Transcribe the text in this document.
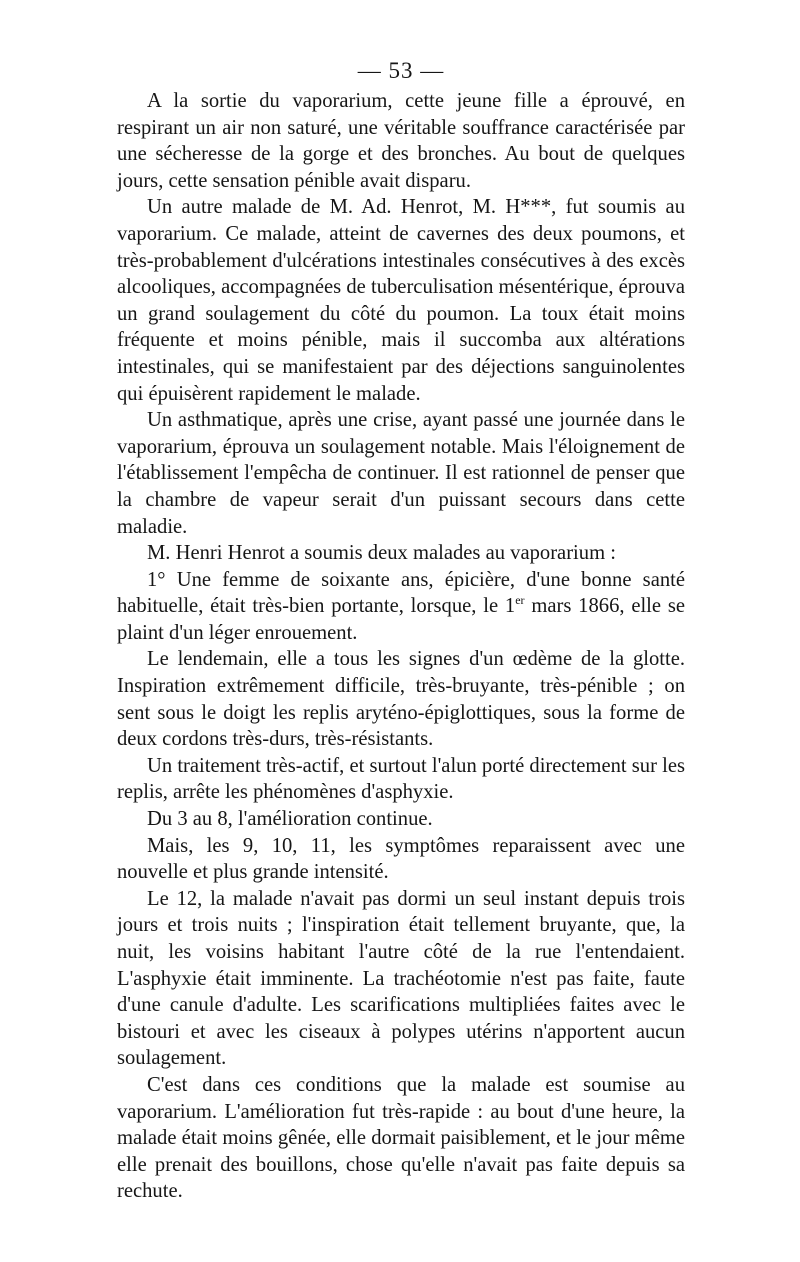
— 53 —

A la sortie du vaporarium, cette jeune fille a éprouvé, en respirant un air non saturé, une véritable souffrance caractérisée par une sécheresse de la gorge et des bronches. Au bout de quelques jours, cette sensation pénible avait disparu.

Un autre malade de M. Ad. Henrot, M. H***, fut soumis au vaporarium. Ce malade, atteint de cavernes des deux poumons, et très-probablement d'ulcérations intestinales consécutives à des excès alcooliques, accompagnées de tuberculisation mésentérique, éprouva un grand soulagement du côté du poumon. La toux était moins fréquente et moins pénible, mais il succomba aux altérations intestinales, qui se manifestaient par des déjections sanguinolentes qui épuisèrent rapidement le malade.

Un asthmatique, après une crise, ayant passé une journée dans le vaporarium, éprouva un soulagement notable. Mais l'éloignement de l'établissement l'empêcha de continuer. Il est rationnel de penser que la chambre de vapeur serait d'un puissant secours dans cette maladie.

M. Henri Henrot a soumis deux malades au vaporarium :

1° Une femme de soixante ans, épicière, d'une bonne santé habituelle, était très-bien portante, lorsque, le 1er mars 1866, elle se plaint d'un léger enrouement.

Le lendemain, elle a tous les signes d'un œdème de la glotte. Inspiration extrêmement difficile, très-bruyante, très-pénible ; on sent sous le doigt les replis aryténo-épiglottiques, sous la forme de deux cordons très-durs, très-résistants.

Un traitement très-actif, et surtout l'alun porté directement sur les replis, arrête les phénomènes d'asphyxie.

Du 3 au 8, l'amélioration continue.

Mais, les 9, 10, 11, les symptômes reparaissent avec une nouvelle et plus grande intensité.

Le 12, la malade n'avait pas dormi un seul instant depuis trois jours et trois nuits ; l'inspiration était tellement bruyante, que, la nuit, les voisins habitant l'autre côté de la rue l'entendaient. L'asphyxie était imminente. La trachéotomie n'est pas faite, faute d'une canule d'adulte. Les scarifications multipliées faites avec le bistouri et avec les ciseaux à polypes utérins n'apportent aucun soulagement.

C'est dans ces conditions que la malade est soumise au vaporarium. L'amélioration fut très-rapide : au bout d'une heure, la malade était moins gênée, elle dormait paisiblement, et le jour même elle prenait des bouillons, chose qu'elle n'avait pas faite depuis sa rechute.
